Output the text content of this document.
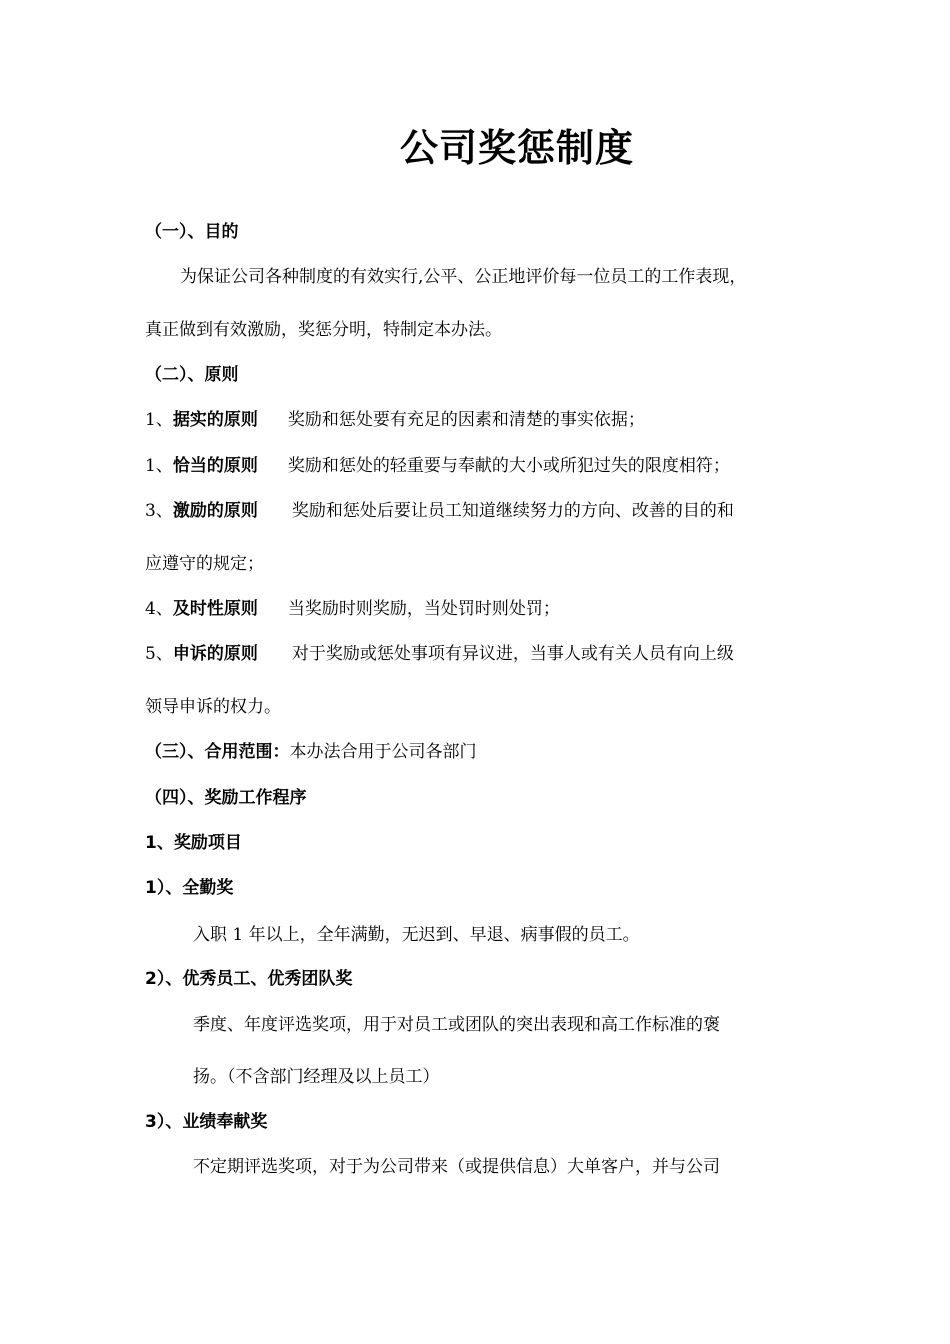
公司奖惩制度
（一）、目的
为保证公司各种制度的有效实行,公平、公正地评价每一位员工的工作表现，
真正做到有效激励，奖惩分明，特制定本办法。
（二）、原则
1、据实的原则 奖励和惩处要有充足的因素和清楚的事实依据；
1、恰当的原则 奖励和惩处的轻重要与奉献的大小或所犯过失的限度相符；
3、激励的原则 奖励和惩处后要让员工知道继续努力的方向、改善的目的和
应遵守的规定；
4、及时性原则 当奖励时则奖励，当处罚时则处罚；
5、申诉的原则 对于奖励或惩处事项有异议进，当事人或有关人员有向上级
领导申诉的权力。
（三）、合用范围：本办法合用于公司各部门
（四）、奖励工作程序
1、奖励项目
1）、全勤奖
入职 1 年以上，全年满勤，无迟到、早退、病事假的员工。
2）、优秀员工、优秀团队奖
季度、年度评选奖项，用于对员工或团队的突出表现和高工作标准的褒
扬。（不含部门经理及以上员工）
3）、业绩奉献奖
不定期评选奖项，对于为公司带来（或提供信息）大单客户，并与公司
